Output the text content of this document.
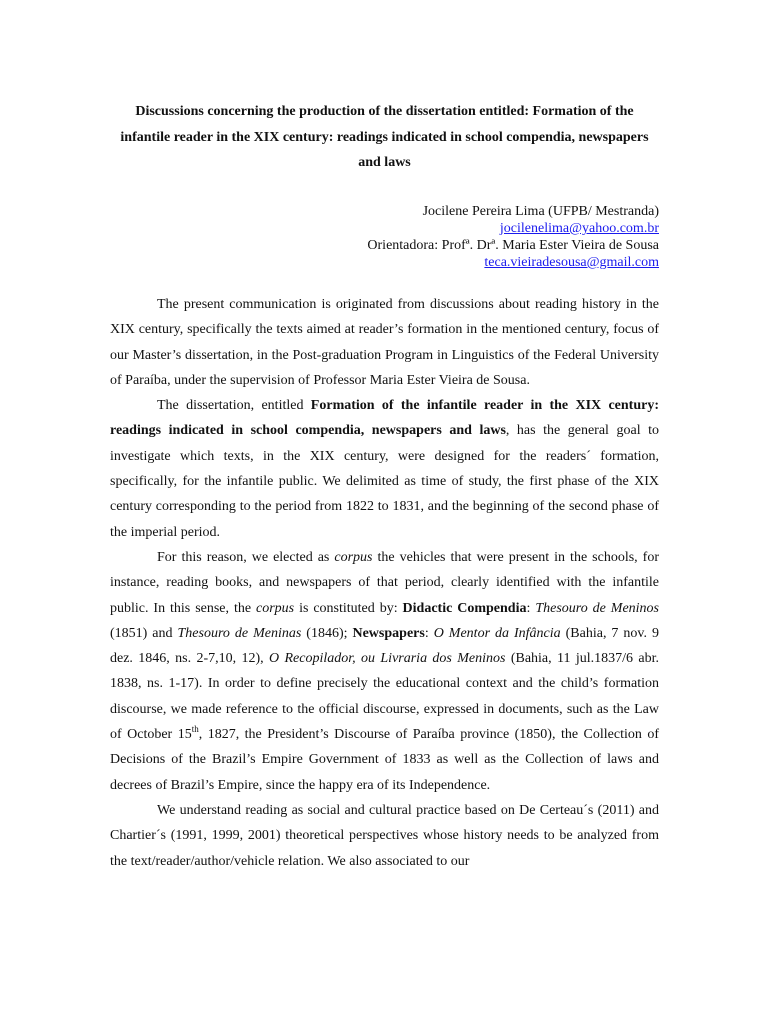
Discussions concerning the production of the dissertation entitled: Formation of the infantile reader in the XIX century: readings indicated in school compendia, newspapers and laws
Jocilene Pereira Lima (UFPB/ Mestranda)
jocilenelima@yahoo.com.br
Orientadora: Profª. Drª. Maria Ester Vieira de Sousa
teca.vieiradesousa@gmail.com

The present communication is originated from discussions about reading history in the XIX century, specifically the texts aimed at reader’s formation in the mentioned century, focus of our Master’s dissertation, in the Post-graduation Program in Linguistics of the Federal University of Paraíba, under the supervision of Professor Maria Ester Vieira de Sousa.

The dissertation, entitled Formation of the infantile reader in the XIX century: readings indicated in school compendia, newspapers and laws, has the general goal to investigate which texts, in the XIX century, were designed for the readers´ formation, specifically, for the infantile public. We delimited as time of study, the first phase of the XIX century corresponding to the period from 1822 to 1831, and the beginning of the second phase of the imperial period.

For this reason, we elected as corpus the vehicles that were present in the schools, for instance, reading books, and newspapers of that period, clearly identified with the infantile public. In this sense, the corpus is constituted by: Didactic Compendia: Thesouro de Meninos (1851) and Thesouro de Meninas (1846); Newspapers: O Mentor da Infância (Bahia, 7 nov. 9 dez. 1846, ns. 2-7,10, 12), O Recopilador, ou Livraria dos Meninos (Bahia, 11 jul.1837/6 abr. 1838, ns. 1-17). In order to define precisely the educational context and the child’s formation discourse, we made reference to the official discourse, expressed in documents, such as the Law of October 15th, 1827, the President’s Discourse of Paraíba province (1850), the Collection of Decisions of the Brazil’s Empire Government of 1833 as well as the Collection of laws and decrees of Brazil’s Empire, since the happy era of its Independence.

We understand reading as social and cultural practice based on De Certeau´s (2011) and Chartier´s (1991, 1999, 2001) theoretical perspectives whose history needs to be analyzed from the text/reader/author/vehicle relation. We also associated to our
